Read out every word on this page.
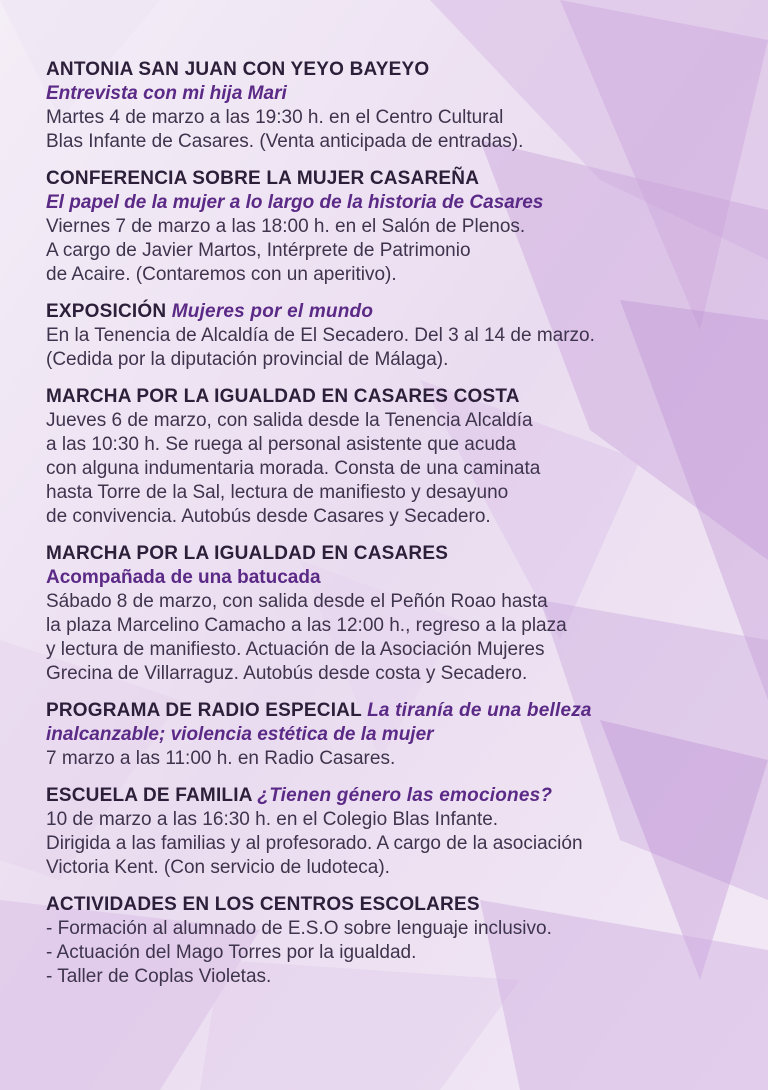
ANTONIA SAN JUAN CON YEYO BAYEYO
Entrevista con mi hija Mari
Martes 4 de marzo a las 19:30 h. en el Centro Cultural
Blas Infante de Casares. (Venta anticipada de entradas).
CONFERENCIA SOBRE LA MUJER CASAREÑA
El papel de la mujer a lo largo de la historia de Casares
Viernes 7 de marzo a las 18:00 h. en el Salón de Plenos.
A cargo de Javier Martos, Intérprete de Patrimonio
de Acaire. (Contaremos con un aperitivo).
EXPOSICIÓN Mujeres por el mundo
En la Tenencia de Alcaldía de El Secadero. Del 3 al 14 de marzo.
(Cedida por la diputación provincial de Málaga).
MARCHA POR LA IGUALDAD EN CASARES COSTA
Jueves 6 de marzo, con salida desde la Tenencia Alcaldía
a las 10:30 h. Se ruega al personal asistente que acuda
con alguna indumentaria morada. Consta de una caminata
hasta Torre de la Sal, lectura de manifiesto y desayuno
de convivencia. Autobús desde Casares y Secadero.
MARCHA POR LA IGUALDAD EN CASARES
Acompañada de una batucada
Sábado 8 de marzo, con salida desde el Peñón Roao hasta
la plaza Marcelino Camacho a las 12:00 h., regreso a la plaza
y lectura de manifiesto. Actuación de la Asociación Mujeres
Grecina de Villarraguz. Autobús desde costa y Secadero.
PROGRAMA DE RADIO ESPECIAL La tiranía de una belleza
inalcanzable; violencia estética de la mujer
7 marzo a las 11:00 h. en Radio Casares.
ESCUELA DE FAMILIA ¿Tienen género las emociones?
10 de marzo a las 16:30 h. en el Colegio Blas Infante.
Dirigida a las familias y al profesorado. A cargo de la asociación
Victoria Kent. (Con servicio de ludoteca).
ACTIVIDADES EN LOS CENTROS ESCOLARES
- Formación al alumnado de E.S.O sobre lenguaje inclusivo.
- Actuación del Mago Torres por la igualdad.
- Taller de Coplas Violetas.
